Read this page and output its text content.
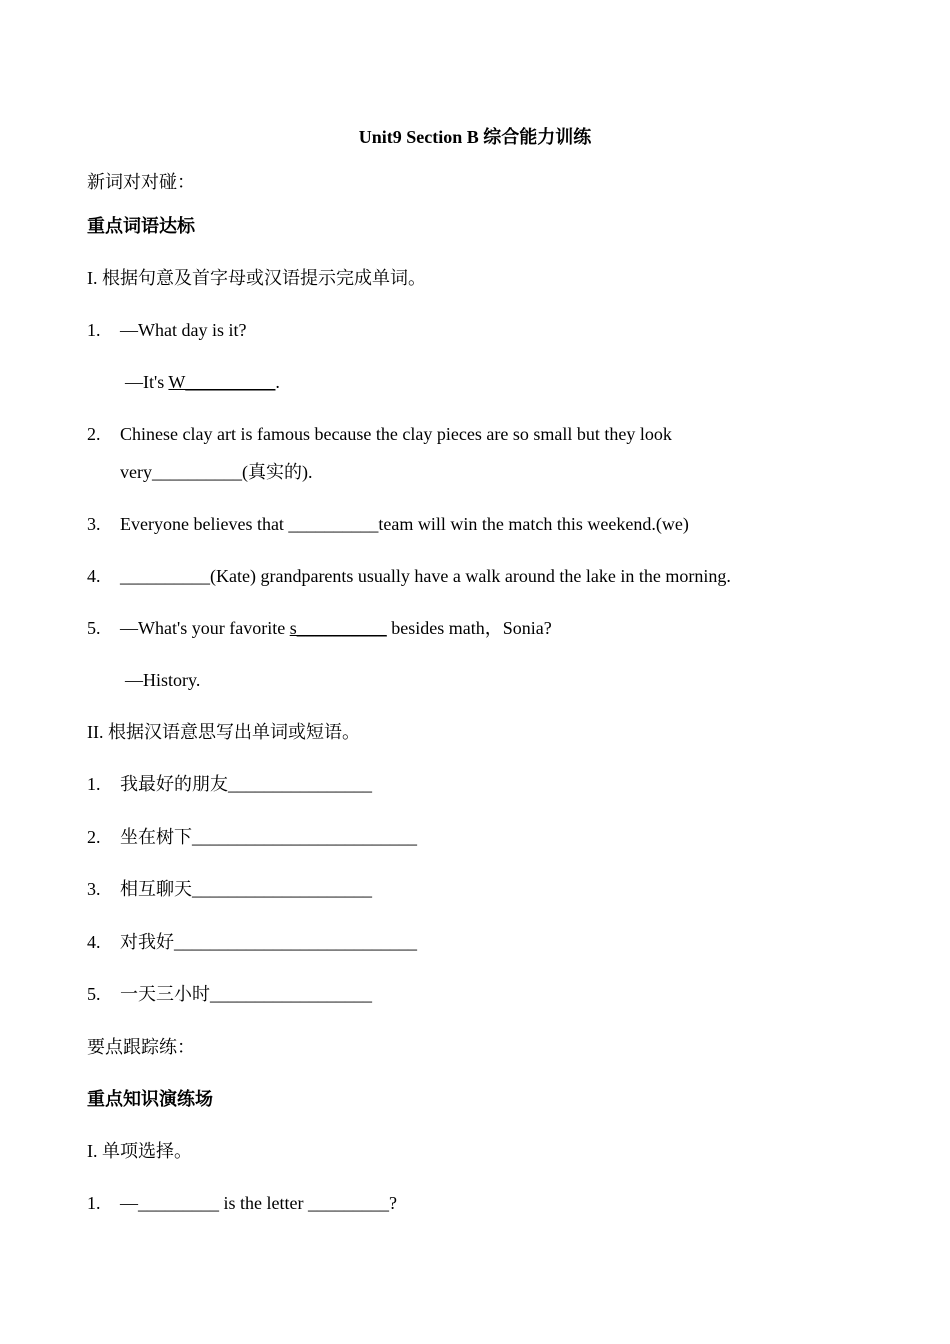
Unit9 Section B 综合能力训练
新词对对碰：
重点词语达标
I. 根据句意及首字母或汉语提示完成单词。
1. —What day is it?
—It's W__________.
2. Chinese clay art is famous because the clay pieces are so small but they look
very__________(真实的).
3. Everyone believes that __________team will win the match this weekend.(we)
4. __________(Kate) grandparents usually have a walk around the lake in the morning.
5. —What's your favorite s__________ besides math，Sonia?
—History.
II. 根据汉语意思写出单词或短语。
1. 我最好的朋友________________
2. 坐在树下_________________________
3. 相互聊天____________________
4. 对我好___________________________
5. 一天三小时__________________
要点跟踪练：
重点知识演练场
I. 单项选择。
1. —_________ is the letter _________?
